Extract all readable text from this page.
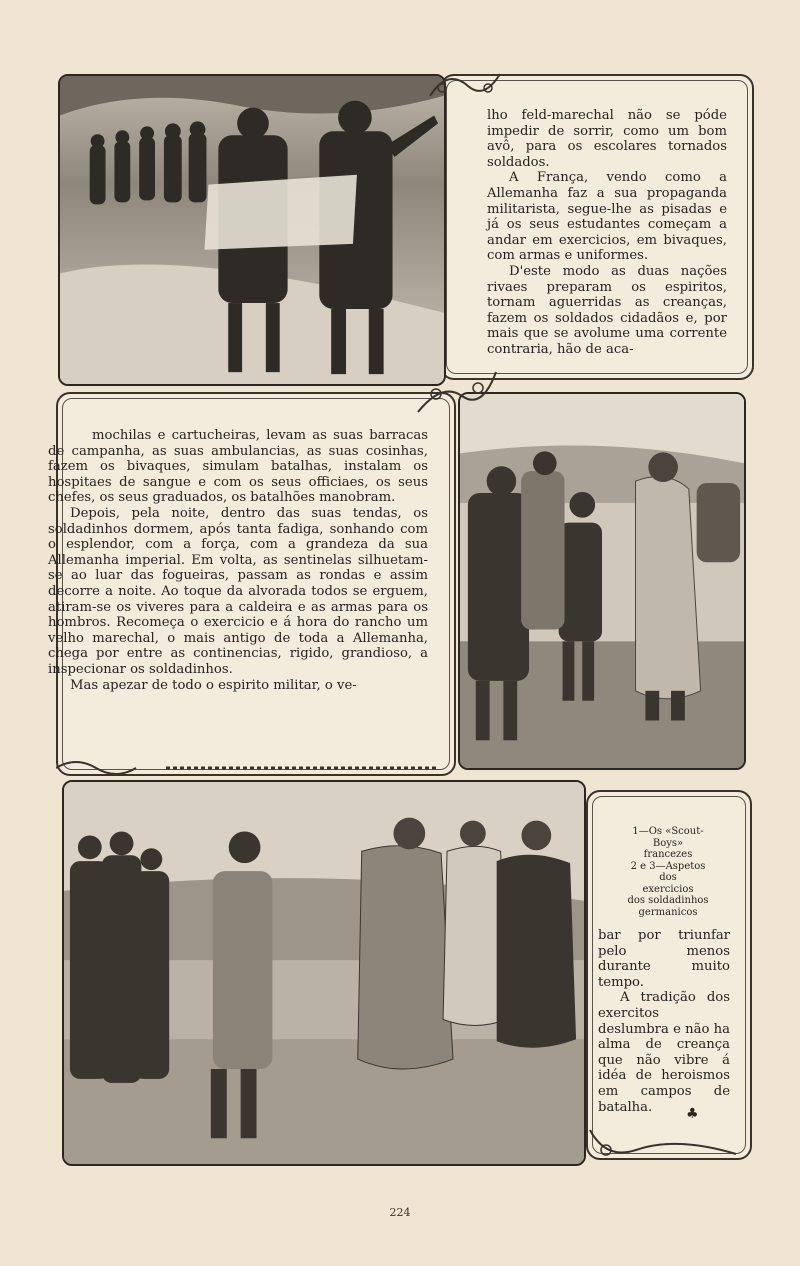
lho feld-marechal não se póde impedir de sorrir, como um bom avô, para os escolares tornados soldados.

A França, vendo como a Allemanha faz a sua propaganda militarista, segue-lhe as pisadas e já os seus estudantes começam a andar em exercicios, em bivaques, com armas e uniformes.

D'este modo as duas nações rivaes preparam os espiritos, tornam aguerridas as creanças, fazem os soldados cidadãos e, por mais que se avolume uma corrente contraria, hão de aca-

mochilas e cartucheiras, levam as suas barracas de campanha, as suas ambulancias, as suas cosinhas, fazem os bivaques, simulam batalhas, instalam os hospitaes de sangue e com os seus officiaes, os seus chefes, os seus graduados, os batalhões manobram.

Depois, pela noite, dentro das suas tendas, os soldadinhos dormem, após tanta fadiga, sonhando com o esplendor, com a força, com a grandeza da sua Allemanha imperial. Em volta, as sentinelas silhuetam-se ao luar das fogueiras, passam as rondas e assim decorre a noite. Ao toque da alvorada todos se erguem, atiram-se os viveres para a caldeira e as armas para os hombros. Recomeça o exercicio e á hora do rancho um velho marechal, o mais antigo de toda a Allemanha, chega por entre as continencias, rigido, grandioso, a inspecionar os soldadinhos.

Mas apezar de todo o espirito militar, o ve-

1—Os «Scout-
Boys»
francezes
2 e 3—Aspetos
dos
exercicios
dos soldadinhos
germanicos

bar por triunfar pelo menos durante muito tempo.

A tradição dos exercitos deslumbra e não ha alma de creança que não vibre á idéa de heroismos em campos de batalha.	♣
224
